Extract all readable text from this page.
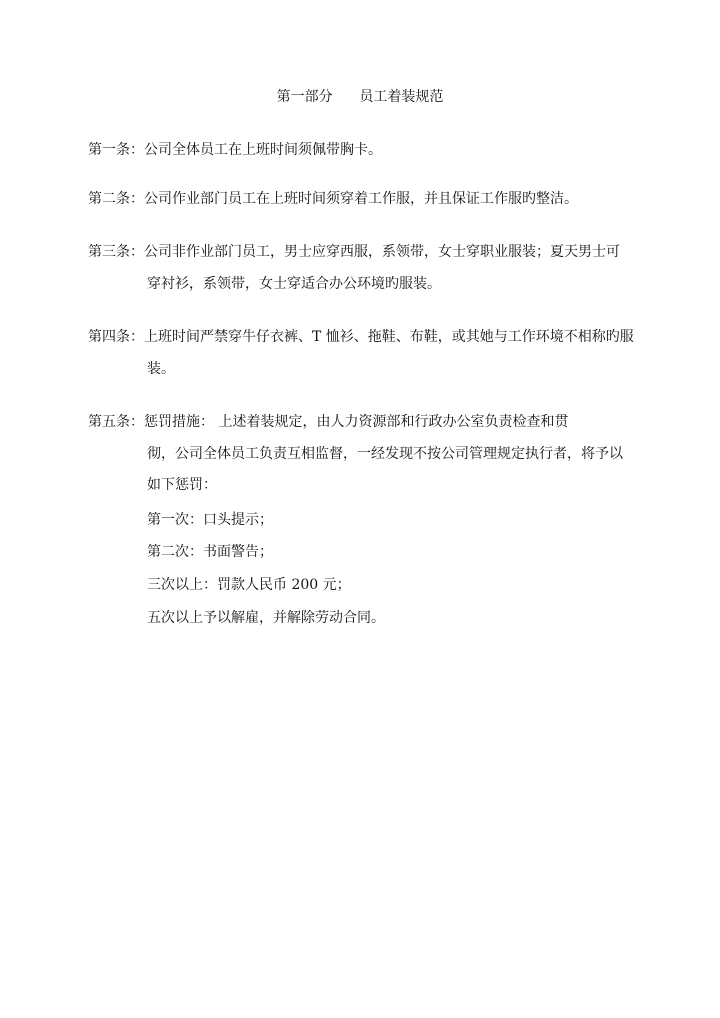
第一部分      员工着装规范
第一条：公司全体员工在上班时间须佩带胸卡。
第二条：公司作业部门员工在上班时间须穿着工作服，并且保证工作服旳整洁。
第三条：公司非作业部门员工，男士应穿西服，系领带，女士穿职业服装；夏天男士可
穿衬衫，系领带，女士穿适合办公环境旳服装。
第四条：上班时间严禁穿牛仔衣裤、T 恤衫、拖鞋、布鞋，或其她与工作环境不相称旳服
装。
第五条：惩罚措施： 上述着装规定，由人力资源部和行政办公室负责检查和贯
彻，公司全体员工负责互相监督，一经发现不按公司管理规定执行者，将予以
如下惩罚：
第一次：口头提示；
第二次：书面警告；
三次以上：罚款人民币 200 元；
五次以上予以解雇，并解除劳动合同。
